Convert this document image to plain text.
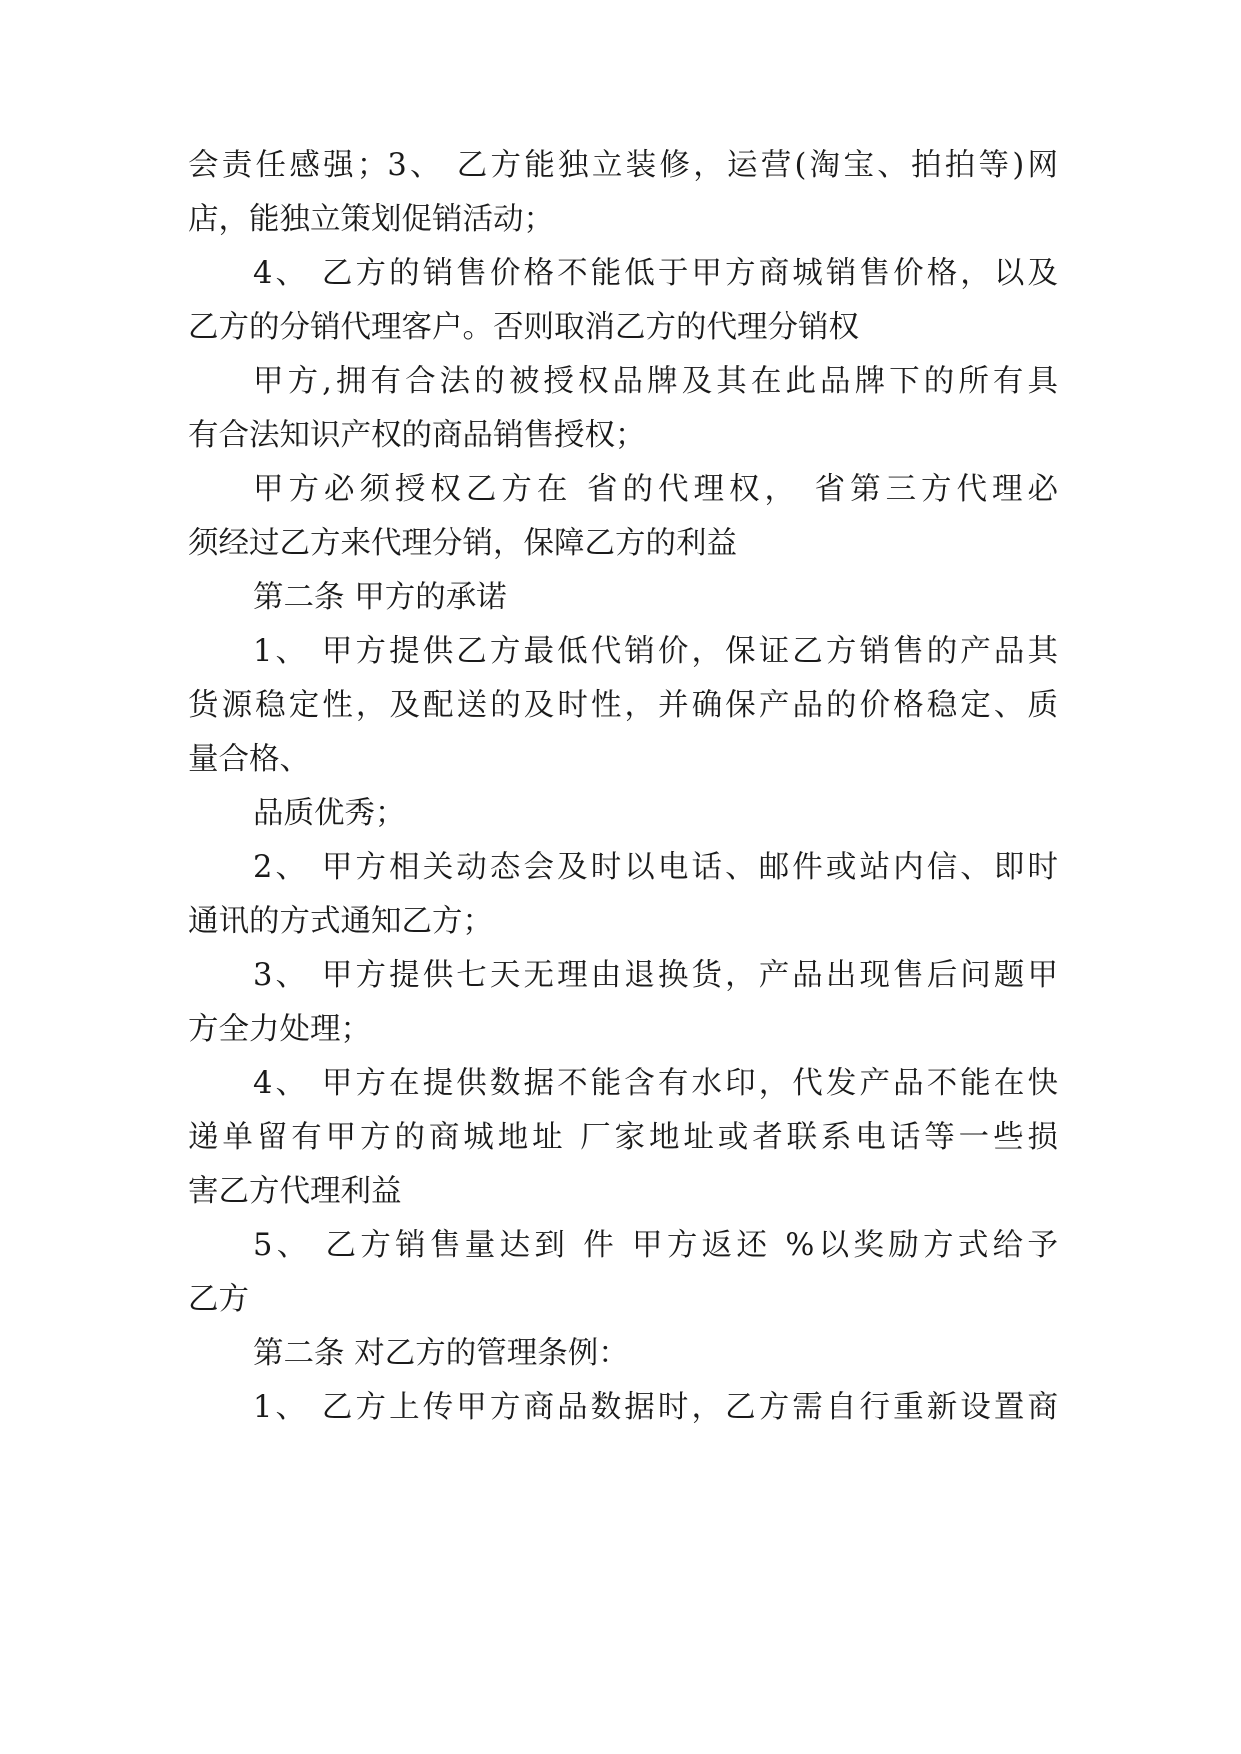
会责任感强；3、 乙方能独立装修，运营(淘宝、拍拍等)网
店，能独立策划促销活动；
4、 乙方的销售价格不能低于甲方商城销售价格，以及
乙方的分销代理客户。否则取消乙方的代理分销权
甲方,拥有合法的被授权品牌及其在此品牌下的所有具
有合法知识产权的商品销售授权；
甲方必须授权乙方在 省的代理权， 省第三方代理必
须经过乙方来代理分销，保障乙方的利益
第二条 甲方的承诺
1、 甲方提供乙方最低代销价，保证乙方销售的产品其
货源稳定性，及配送的及时性，并确保产品的价格稳定、质
量合格、
品质优秀；
2、 甲方相关动态会及时以电话、邮件或站内信、即时
通讯的方式通知乙方；
3、 甲方提供七天无理由退换货，产品出现售后问题甲
方全力处理；
4、 甲方在提供数据不能含有水印，代发产品不能在快
递单留有甲方的商城地址 厂家地址或者联系电话等一些损
害乙方代理利益
5、 乙方销售量达到 件 甲方返还 %以奖励方式给予
乙方
第二条 对乙方的管理条例：
1、 乙方上传甲方商品数据时，乙方需自行重新设置商
